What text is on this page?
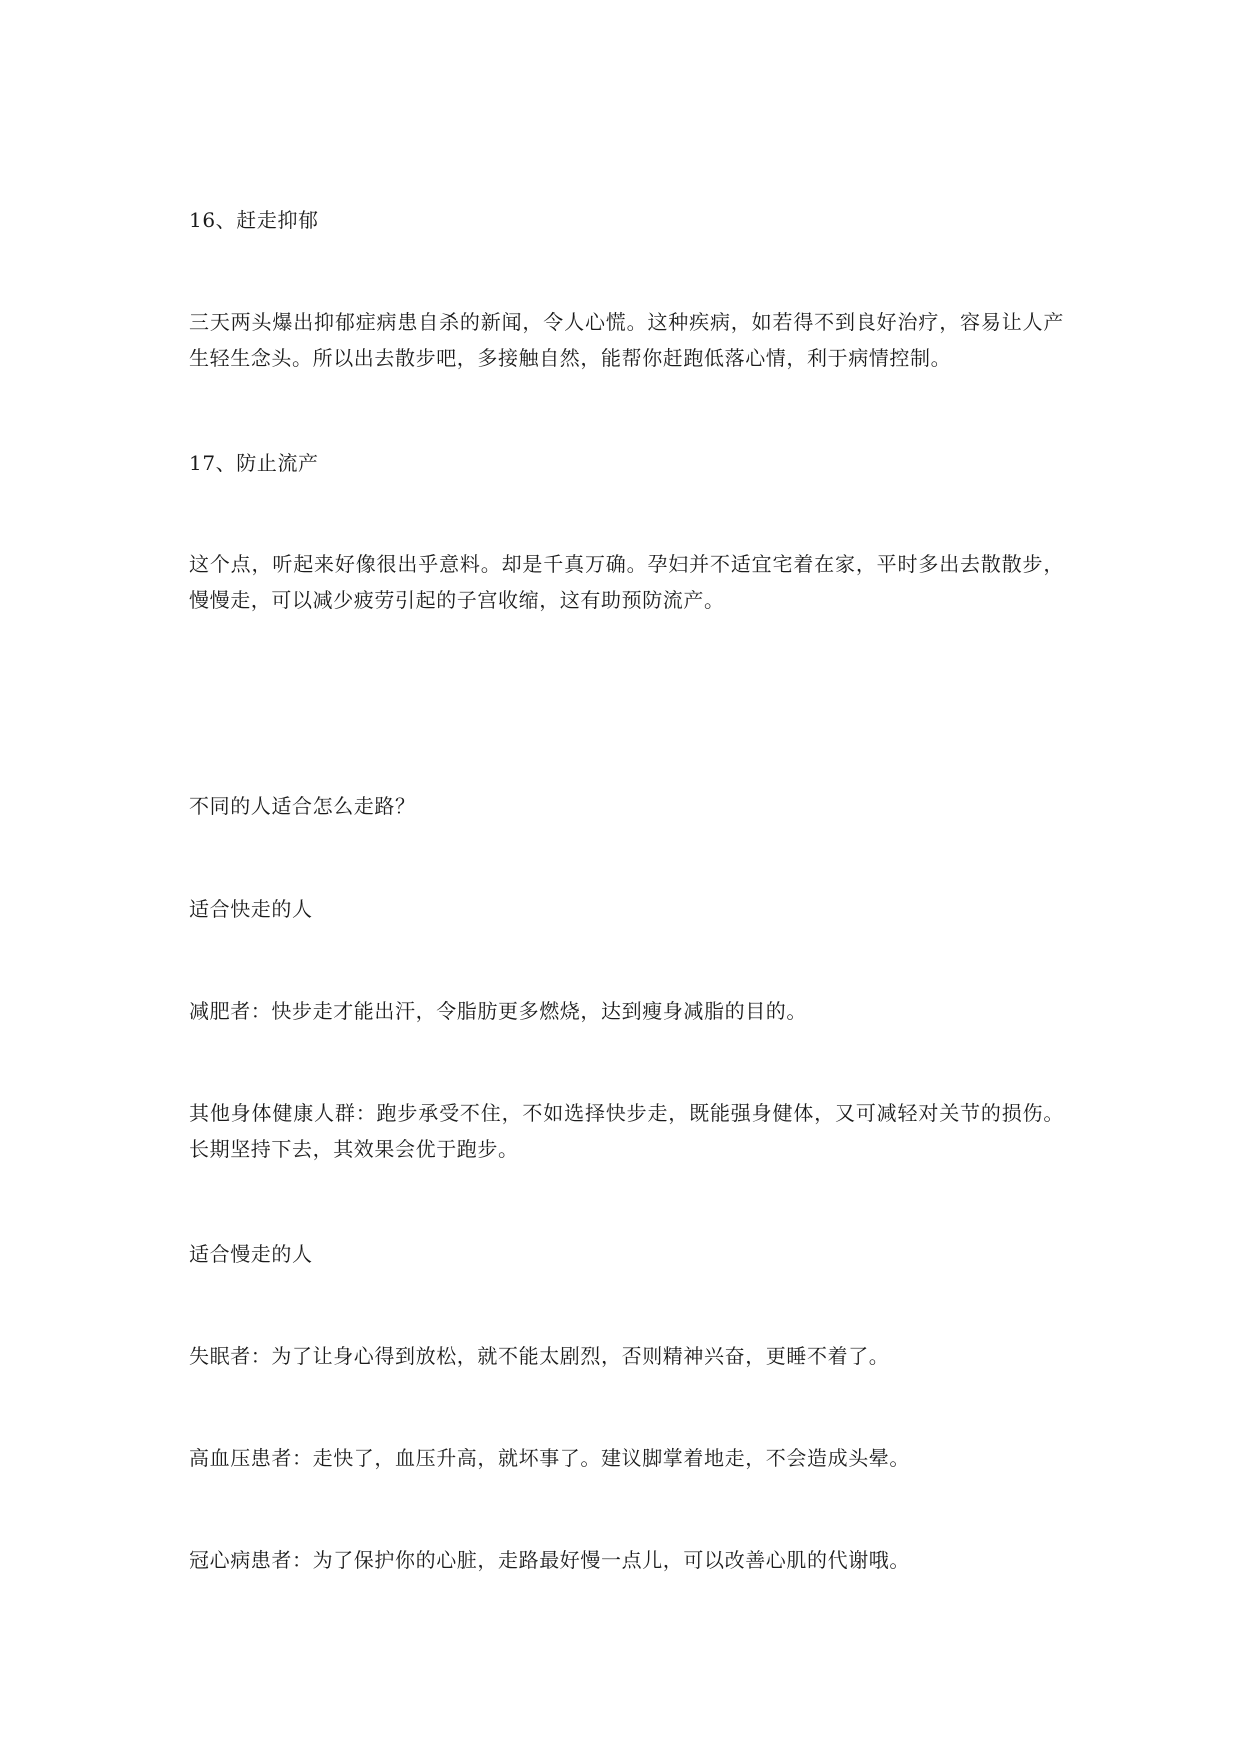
16、赶走抑郁
三天两头爆出抑郁症病患自杀的新闻，令人心慌。这种疾病，如若得不到良好治疗，容易让人产生轻生念头。所以出去散步吧，多接触自然，能帮你赶跑低落心情，利于病情控制。
17、防止流产
这个点，听起来好像很出乎意料。却是千真万确。孕妇并不适宜宅着在家，平时多出去散散步，慢慢走，可以减少疲劳引起的子宫收缩，这有助预防流产。
不同的人适合怎么走路？
适合快走的人
减肥者：快步走才能出汗，令脂肪更多燃烧，达到瘦身减脂的目的。
其他身体健康人群：跑步承受不住，不如选择快步走，既能强身健体，又可减轻对关节的损伤。长期坚持下去，其效果会优于跑步。
适合慢走的人
失眠者：为了让身心得到放松，就不能太剧烈，否则精神兴奋，更睡不着了。
高血压患者：走快了，血压升高，就坏事了。建议脚掌着地走，不会造成头晕。
冠心病患者：为了保护你的心脏，走路最好慢一点儿，可以改善心肌的代谢哦。
